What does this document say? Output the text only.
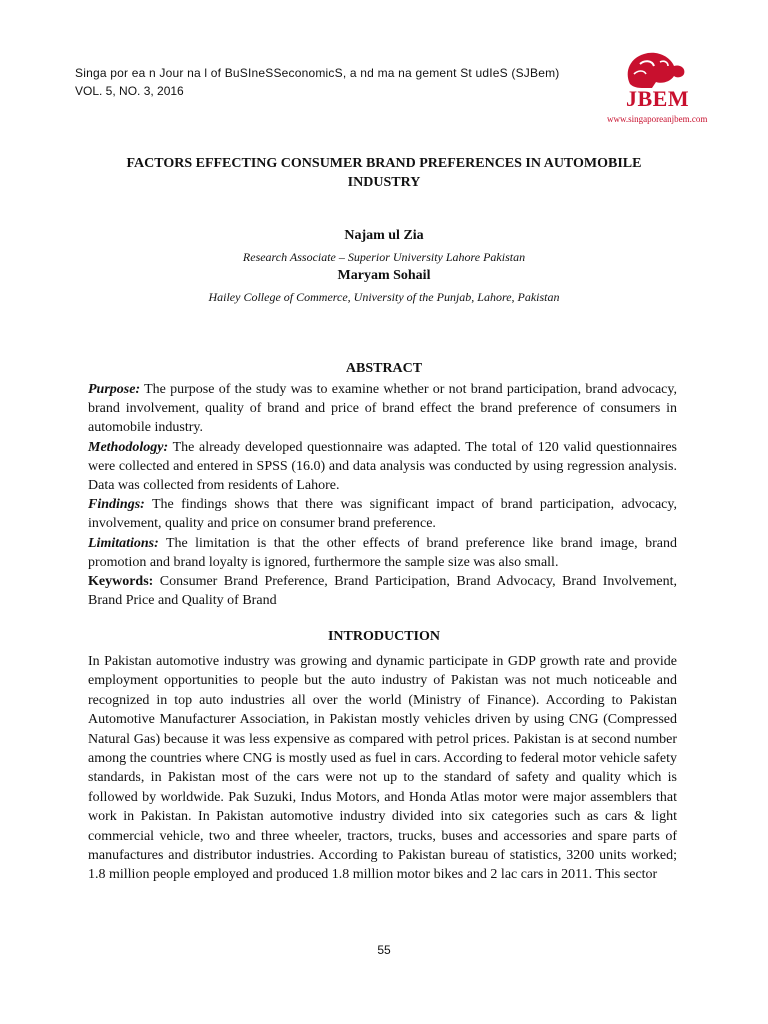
Singa por ea n Jour na l of BuSIneSSeconomicS, a nd ma na gement St udIeS (SJBem)
VOL. 5, NO. 3, 2016	JBEM
www.singaporeanjbem.com
FACTORS EFFECTING CONSUMER BRAND PREFERENCES IN AUTOMOBILE INDUSTRY
Najam ul Zia
Research Associate – Superior University Lahore Pakistan
Maryam Sohail
Hailey College of Commerce, University of the Punjab, Lahore, Pakistan
ABSTRACT

Purpose: The purpose of the study was to examine whether or not brand participation, brand advocacy, brand involvement, quality of brand and price of brand effect the brand preference of consumers in automobile industry.

Methodology: The already developed questionnaire was adapted. The total of 120 valid questionnaires were collected and entered in SPSS (16.0) and data analysis was conducted by using regression analysis. Data was collected from residents of Lahore.

Findings: The findings shows that there was significant impact of brand participation, advocacy, involvement, quality and price on consumer brand preference.

Limitations: The limitation is that the other effects of brand preference like brand image, brand promotion and brand loyalty is ignored, furthermore the sample size was also small.

Keywords: Consumer Brand Preference, Brand Participation, Brand Advocacy, Brand Involvement, Brand Price and Quality of Brand

INTRODUCTION
In Pakistan automotive industry was growing and dynamic participate in GDP growth rate and provide employment opportunities to people but the auto industry of Pakistan was not much noticeable and recognized in top auto industries all over the world (Ministry of Finance). According to Pakistan Automotive Manufacturer Association, in Pakistan mostly vehicles driven by using CNG (Compressed Natural Gas) because it was less expensive as compared with petrol prices. Pakistan is at second number among the countries where CNG is mostly used as fuel in cars. According to federal motor vehicle safety standards, in Pakistan most of the cars were not up to the standard of safety and quality which is followed by worldwide. Pak Suzuki, Indus Motors, and Honda Atlas motor were major assemblers that work in Pakistan. In Pakistan automotive industry divided into six categories such as cars & light commercial vehicle, two and three wheeler, tractors, trucks, buses and accessories and spare parts of manufactures and distributor industries. According to Pakistan bureau of statistics, 3200 units worked; 1.8 million people employed and produced 1.8 million motor bikes and 2 lac cars in 2011. This sector
55
